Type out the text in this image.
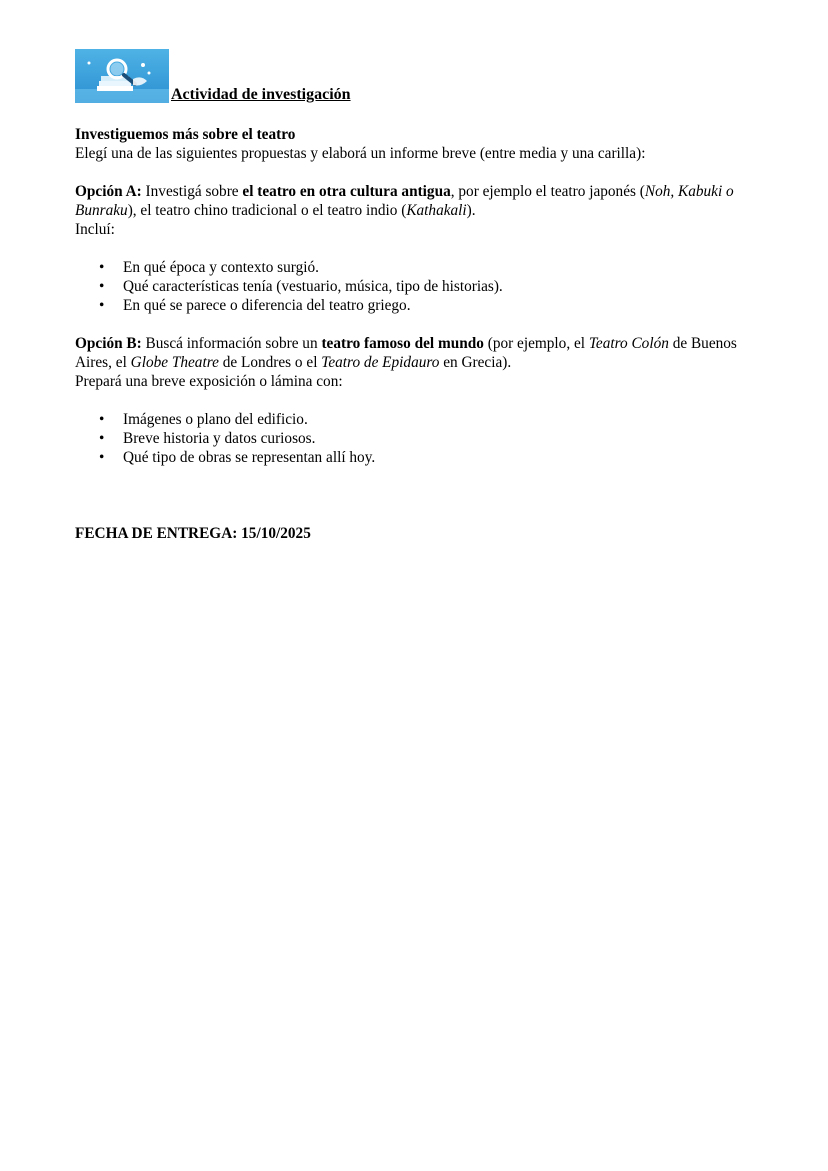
Actividad de investigación
Investiguemos más sobre el teatro

Elegí una de las siguientes propuestas y elaborá un informe breve (entre media y una carilla):

Opción A: Investigá sobre el teatro en otra cultura antigua, por ejemplo el teatro japonés (Noh, Kabuki o Bunraku), el teatro chino tradicional o el teatro indio (Kathakali).

Incluí:

• En qué época y contexto surgió.
• Qué características tenía (vestuario, música, tipo de historias).
• En qué se parece o diferencia del teatro griego.

Opción B: Buscá información sobre un teatro famoso del mundo (por ejemplo, el Teatro Colón de Buenos Aires, el Globe Theatre de Londres o el Teatro de Epidauro en Grecia).

Prepará una breve exposición o lámina con:

• Imágenes o plano del edificio.
• Breve historia y datos curiosos.
• Qué tipo de obras se representan allí hoy.
FECHA DE ENTREGA: 15/10/2025
